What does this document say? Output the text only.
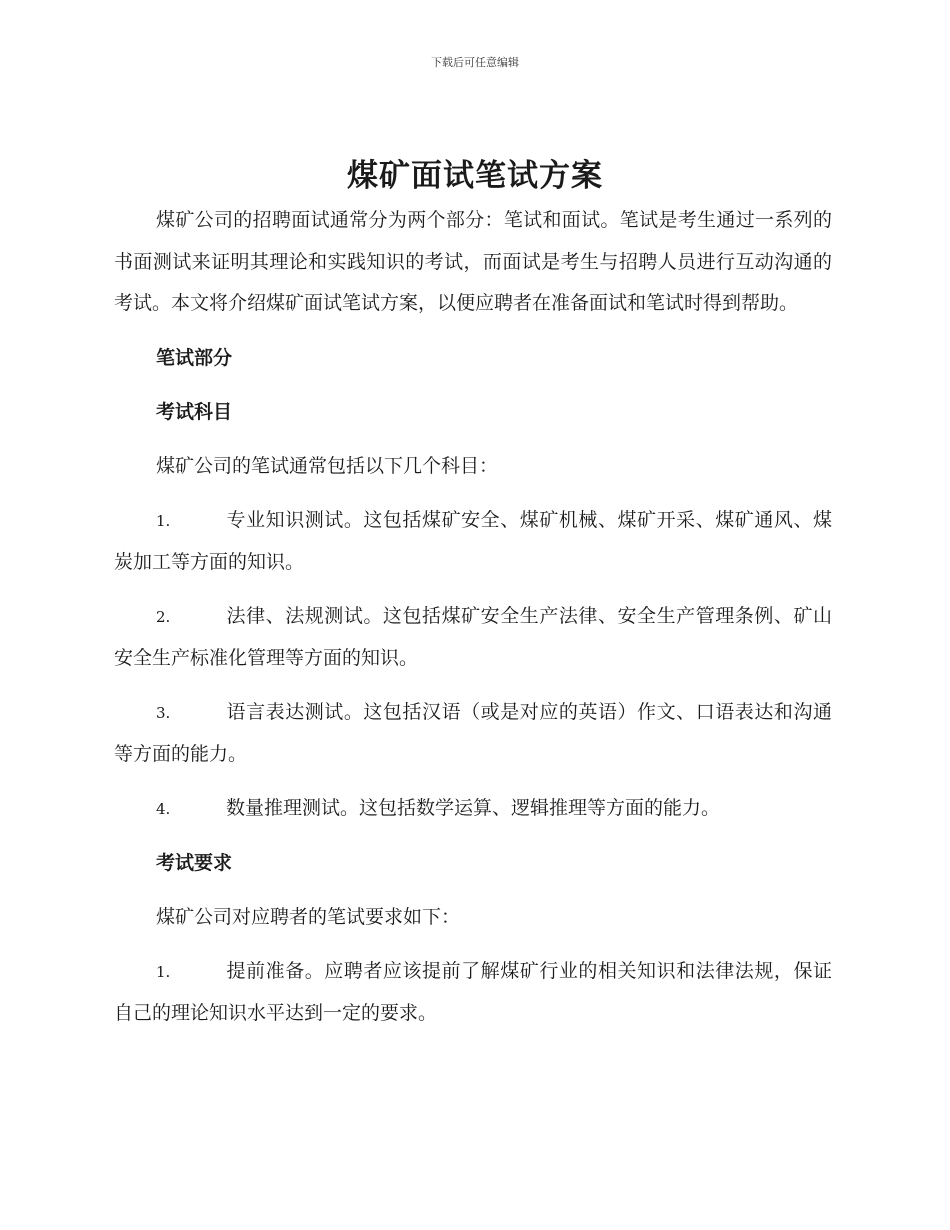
下载后可任意编辑
煤矿面试笔试方案

煤矿公司的招聘面试通常分为两个部分：笔试和面试。笔试是考生通过一系列的书面测试来证明其理论和实践知识的考试，而面试是考生与招聘人员进行互动沟通的考试。本文将介绍煤矿面试笔试方案，以便应聘者在准备面试和笔试时得到帮助。

笔试部分

考试科目

煤矿公司的笔试通常包括以下几个科目：

1.	专业知识测试。这包括煤矿安全、煤矿机械、煤矿开采、煤矿通风、煤炭加工等方面的知识。

2.	法律、法规测试。这包括煤矿安全生产法律、安全生产管理条例、矿山安全生产标准化管理等方面的知识。

3.	语言表达测试。这包括汉语（或是对应的英语）作文、口语表达和沟通等方面的能力。

4.	数量推理测试。这包括数学运算、逻辑推理等方面的能力。

考试要求

煤矿公司对应聘者的笔试要求如下：

1.	提前准备。应聘者应该提前了解煤矿行业的相关知识和法律法规，保证自己的理论知识水平达到一定的要求。
